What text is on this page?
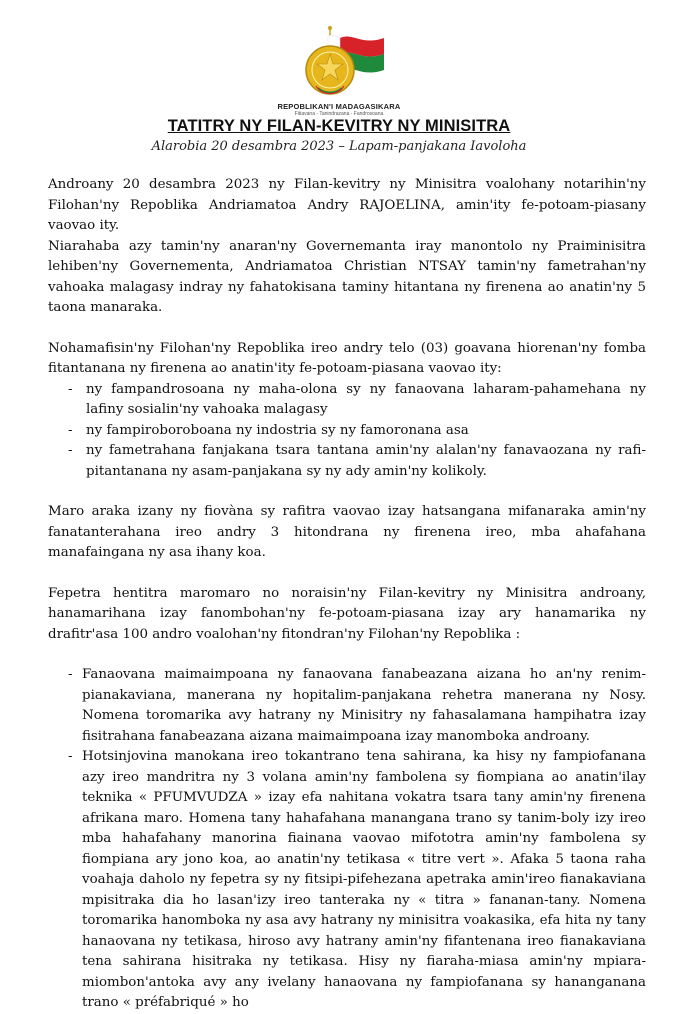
REPOBLIKAN'I MADAGASIKARA
Fitiavana - Tanindrazana - Fandrosoana
TATITRY NY FILAN-KEVITRY NY MINISITRA
Alarobia 20 desambra 2023 – Lapam-panjakana Iavoloha

Androany 20 desambra 2023 ny Filan-kevitry ny Minisitra voalohany notarihin'ny Filohan'ny Repoblika Andriamatoa Andry RAJOELINA, amin'ity fe-potoam-piasany vaovao ity.

Niarahaba azy tamin'ny anaran'ny Governemanta iray manontolo ny Praiminisitra lehiben'ny Governementa, Andriamatoa Christian NTSAY tamin'ny fametrahan'ny vahoaka malagasy indray ny fahatokisana taminy hitantana ny firenena ao anatin'ny 5 taona manaraka.

Nohamafisin'ny Filohan'ny Repoblika ireo andry telo (03) goavana hiorenan'ny fomba fitantanana ny firenena ao anatin'ity fe-potoam-piasana vaovao ity:

- ny fampandrosoana ny maha-olona sy ny fanaovana laharam-pahamehana ny lafiny sosialin'ny vahoaka malagasy
- ny fampiroboroboana ny indostria sy ny famoronana asa
- ny fametrahana fanjakana tsara tantana amin'ny alalan'ny fanavaozana ny rafi-pitantanana ny asam-panjakana sy ny ady amin'ny kolikoly.

Maro araka izany ny fiovàna sy rafitra vaovao izay hatsangana mifanaraka amin'ny fanatanterahana ireo andry 3 hitondrana ny firenena ireo, mba ahafahana manafaingana ny asa ihany koa.

Fepetra hentitra maromaro no noraisin'ny Filan-kevitry ny Minisitra androany, hanamarihana izay fanombohan'ny fe-potoam-piasana izay ary hanamarika ny drafitr'asa 100 andro voalohan'ny fitondran'ny Filohan'ny Repoblika :

- Fanaovana maimaimpoana ny fanaovana fanabeazana aizana ho an'ny renim-pianakaviana, manerana ny hopitalim-panjakana rehetra manerana ny Nosy. Nomena toromarika avy hatrany ny Minisitry ny fahasalamana hampihatra izay fisitrahana fanabeazana aizana maimaimpoana izay manomboka androany.
- Hotsinjovina manokana ireo tokantrano tena sahirana, ka hisy ny fampiofanana azy ireo mandritra ny 3 volana amin'ny fambolena sy fiompiana ao anatin'ilay teknika « PFUMVUDZA » izay efa nahitana vokatra tsara tany amin'ny firenena afrikana maro. Homena tany hahafahana manangana trano sy tanim-boly izy ireo mba hahafahany manorina fiainana vaovao mifototra amin'ny fambolena sy fiompiana ary jono koa, ao anatin'ny tetikasa « titre vert ». Afaka 5 taona raha voahaja daholo ny fepetra sy ny fitsipi-pifehezana apetraka amin'ireo fianakaviana mpisitraka dia ho lasan'izy ireo tanteraka ny « titra » fananan-tany. Nomena toromarika hanomboka ny asa avy hatrany ny minisitra voakasika, efa hita ny tany hanaovana ny tetikasa, hiroso avy hatrany amin'ny fifantenana ireo fianakaviana tena sahirana hisitraka ny tetikasa. Hisy ny fiaraha-miasa amin'ny mpiara-miombon'antoka avy any ivelany hanaovana ny fampiofanana sy hananganana trano « préfabriqué » ho
